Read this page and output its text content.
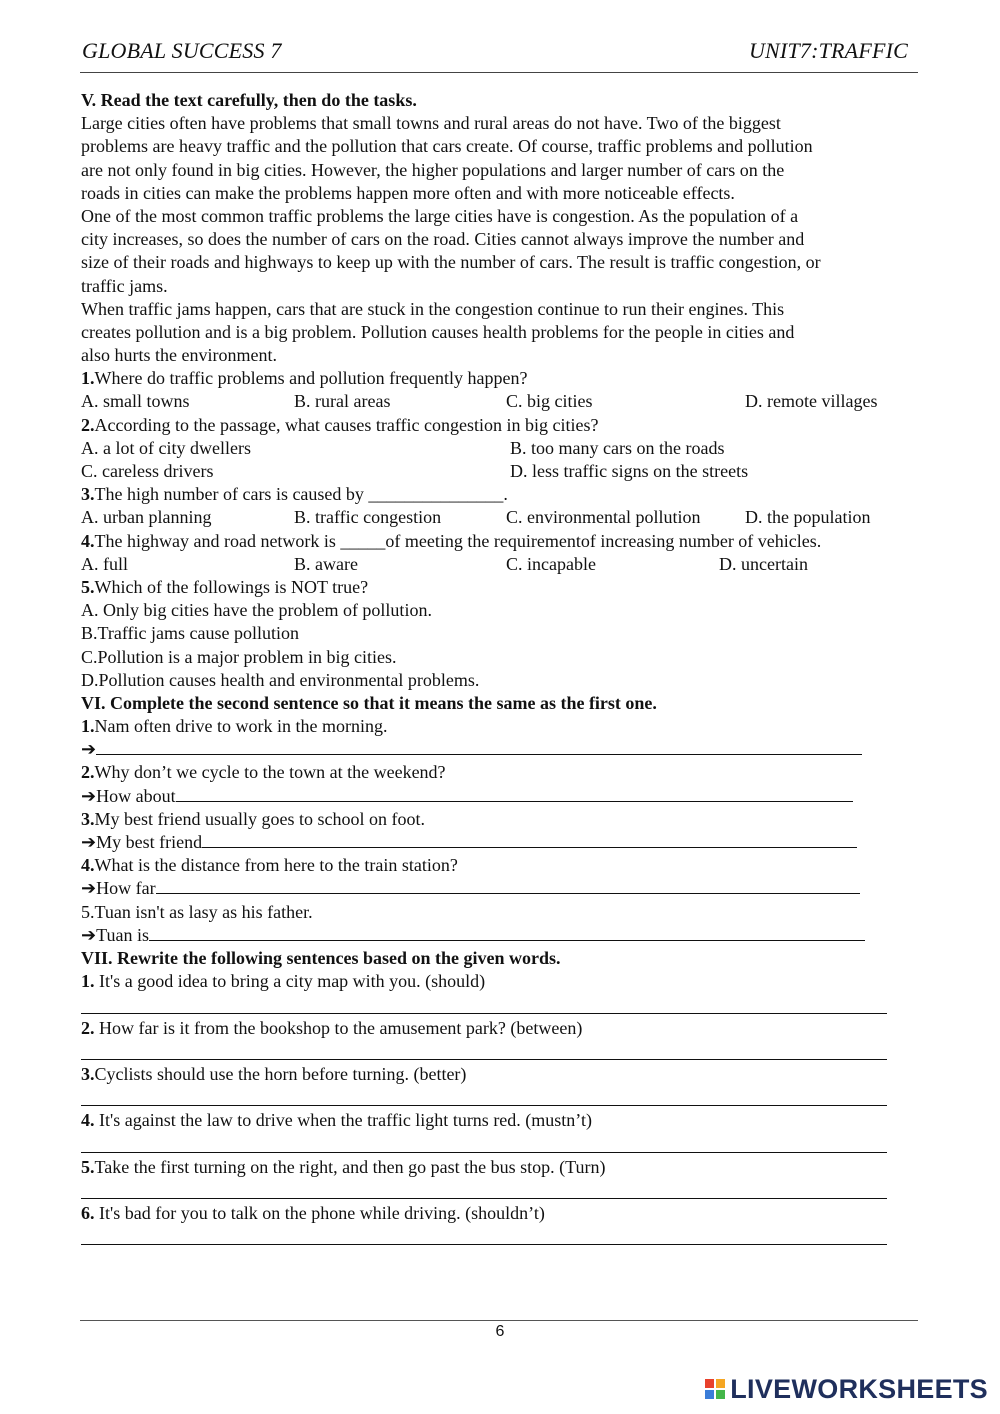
GLOBAL SUCCESS 7	UNIT7:TRAFFIC
V. Read the text carefully, then do the tasks.
Large cities often have problems that small towns and rural areas do not have. Two of the biggest
problems are heavy traffic and the pollution that cars create. Of course, traffic problems and pollution
are not only found in big cities. However, the higher populations and larger number of cars on the
roads in cities can make the problems happen more often and with more noticeable effects.
One of the most common traffic problems the large cities have is congestion. As the population of a
city increases, so does the number of cars on the road. Cities cannot always improve the number and
size of their roads and highways to keep up with the number of cars. The result is traffic congestion, or
traffic jams.
When traffic jams happen, cars that are stuck in the congestion continue to run their engines. This
creates pollution and is a big problem. Pollution causes health problems for the people in cities and
also hurts the environment.
1.Where do traffic problems and pollution frequently happen?
A. small towns	B. rural areas	C. big cities	D. remote villages
2.According to the passage, what causes traffic congestion in big cities?
A. a lot of city dwellers	B. too many cars on the roads
C. careless drivers	D. less traffic signs on the streets
3.The high number of cars is caused by _______________.
A. urban planning	B. traffic congestion	C. environmental pollution D. the population
4.The highway and road network is _____of meeting the requirementof increasing number of vehicles.
A. full	B. aware	C. incapable	D. uncertain
5.Which of the followings is NOT true?
A. Only big cities have the problem of pollution.
B.Traffic jams cause pollution
C.Pollution is a major problem in big cities.
D.Pollution causes health and environmental problems.
VI. Complete the second sentence so that it means the same as the first one.
1.Nam often drive to work in the morning.
➔
2.Why don’t we cycle to the town at the weekend?
➔How about
3.My best friend usually goes to school on foot.
➔My best friend
4.What is the distance from here to the train station?
➔How far
5.Tuan isn't as lasy as his father.
➔Tuan is
VII. Rewrite the following sentences based on the given words.
1. It's a good idea to bring a city map with you. (should)
2. How far is it from the bookshop to the amusement park? (between)
3.Cyclists should use the horn before turning. (better)
4. It's against the law to drive when the traffic light turns red. (mustn’t)
5.Take the first turning on the right, and then go past the bus stop. (Turn)
6. It's bad for you to talk on the phone while driving. (shouldn’t)
6
LIVEWORKSHEETS
